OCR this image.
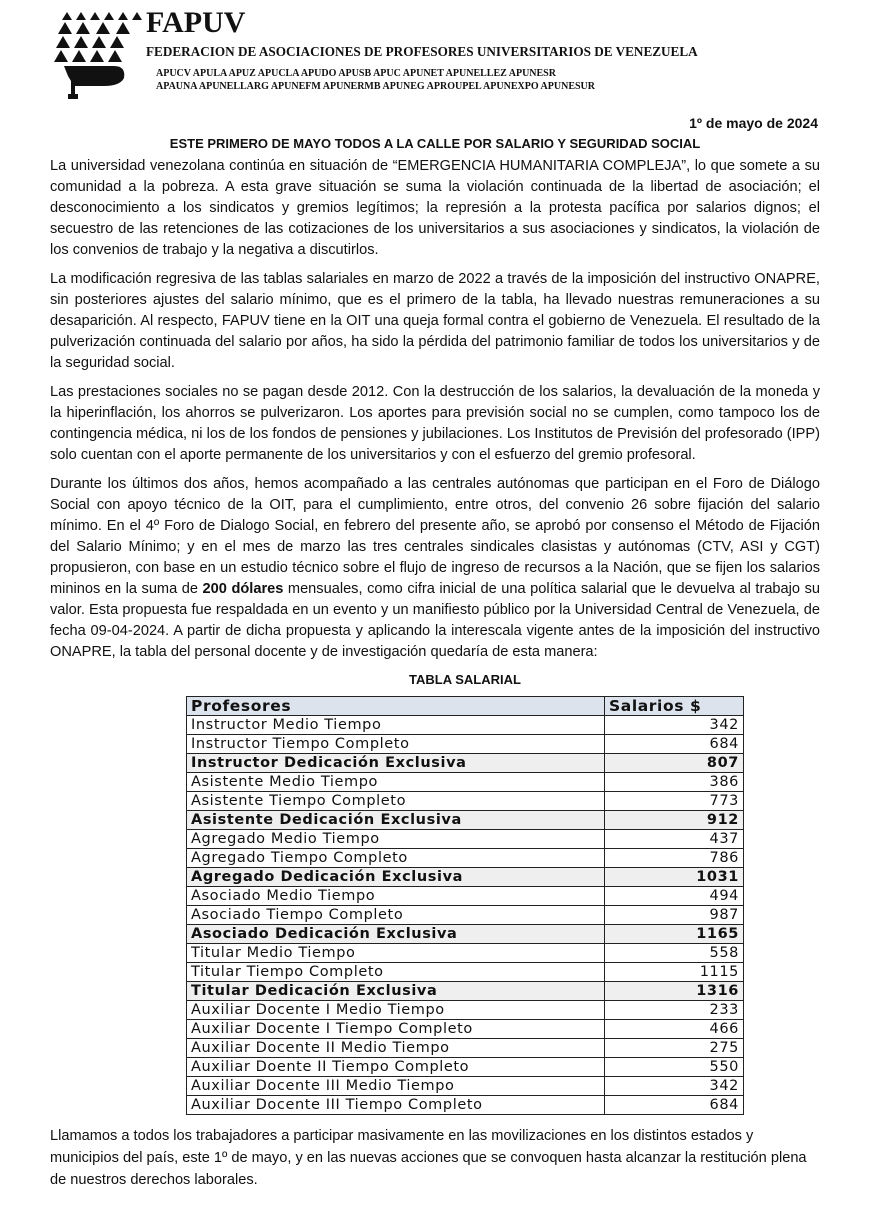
FAPUV
FEDERACION DE ASOCIACIONES DE PROFESORES UNIVERSITARIOS DE VENEZUELA
APUCV APULA APUZ APUCLA APUDO APUSB APUC APUNET APUNELLEZ APUNESR
APAUNA APUNELLARG APUNEFM APUNERMB APUNEG APROUPEL APUNEXPO APUNESUR
1º de mayo de 2024
ESTE PRIMERO DE MAYO TODOS A LA CALLE POR SALARIO Y SEGURIDAD SOCIAL

La universidad venezolana continúa en situación de “EMERGENCIA HUMANITARIA COMPLEJA”, lo que somete a su comunidad a la pobreza. A esta grave situación se suma la violación continuada de la libertad de asociación; el desconocimiento a los sindicatos y gremios legítimos; la represión a la protesta pacífica por salarios dignos; el secuestro de las retenciones de las cotizaciones de los universitarios a sus asociaciones y sindicatos, la violación de los convenios de trabajo y la negativa a discutirlos.

La modificación regresiva de las tablas salariales en marzo de 2022 a través de la imposición del instructivo ONAPRE, sin posteriores ajustes del salario mínimo, que es el primero de la tabla, ha llevado nuestras remuneraciones a su desaparición. Al respecto, FAPUV tiene en la OIT una queja formal contra el gobierno de Venezuela. El resultado de la pulverización continuada del salario por años, ha sido la pérdida del patrimonio familiar de todos los universitarios y de la seguridad social.

Las prestaciones sociales no se pagan desde 2012. Con la destrucción de los salarios, la devaluación de la moneda y la hiperinflación, los ahorros se pulverizaron. Los aportes para previsión social no se cumplen, como tampoco los de contingencia médica, ni los de los fondos de pensiones y jubilaciones. Los Institutos de Previsión del profesorado (IPP) solo cuentan con el aporte permanente de los universitarios y con el esfuerzo del gremio profesoral.

Durante los últimos dos años, hemos acompañado a las centrales autónomas que participan en el Foro de Diálogo Social con apoyo técnico de la OIT, para el cumplimiento, entre otros, del convenio 26 sobre fijación del salario mínimo. En el 4º Foro de Dialogo Social, en febrero del presente año, se aprobó por consenso el Método de Fijación del Salario Mínimo; y en el mes de marzo las tres centrales sindicales clasistas y autónomas (CTV, ASI y CGT) propusieron, con base en un estudio técnico sobre el flujo de ingreso de recursos a la Nación, que se fijen los salarios mininos en la suma de 200 dólares mensuales, como cifra inicial de una política salarial que le devuelva al trabajo su valor. Esta propuesta fue respaldada en un evento y un manifiesto público por la Universidad Central de Venezuela, de fecha 09-04-2024. A partir de dicha propuesta y aplicando la interescala vigente antes de la imposición del instructivo ONAPRE, la tabla del personal docente y de investigación quedaría de esta manera:

TABLA SALARIAL
Profesores	Salarios $
Instructor Medio Tiempo	342
Instructor Tiempo Completo	684
Instructor Dedicación Exclusiva	807
Asistente Medio Tiempo	386
Asistente Tiempo Completo	773
Asistente Dedicación Exclusiva	912
Agregado Medio Tiempo	437
Agregado Tiempo Completo	786
Agregado Dedicación Exclusiva	1031
Asociado Medio Tiempo	494
Asociado Tiempo Completo	987
Asociado Dedicación Exclusiva	1165
Titular Medio Tiempo	558
Titular Tiempo Completo	1115
Titular Dedicación Exclusiva	1316
Auxiliar Docente I Medio Tiempo	233
Auxiliar Docente I Tiempo Completo	466
Auxiliar Docente II Medio Tiempo	275
Auxiliar Doente II Tiempo Completo	550
Auxiliar Docente III Medio Tiempo	342
Auxiliar Docente III Tiempo Completo	684
Llamamos a todos los trabajadores a participar masivamente en las movilizaciones en los distintos estados y municipios del país, este 1º de mayo, y en las nuevas acciones que se convoquen hasta alcanzar la restitución plena de nuestros derechos laborales.
